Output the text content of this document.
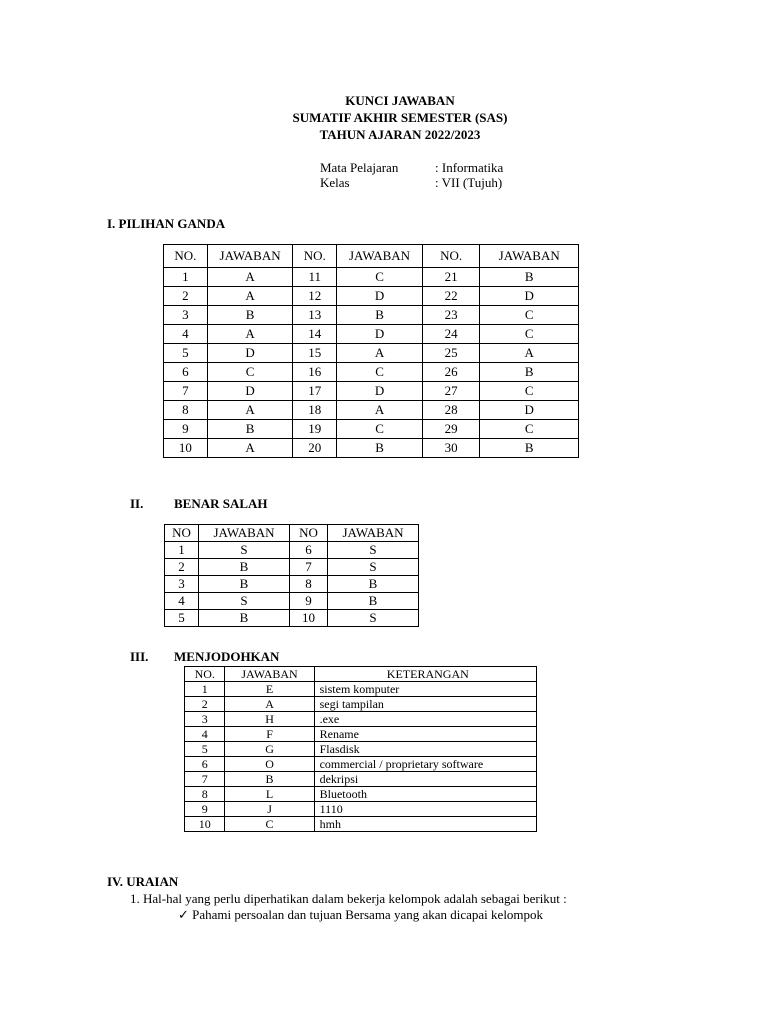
KUNCI JAWABAN
SUMATIF AKHIR SEMESTER (SAS)
TAHUN AJARAN 2022/2023
Mata Pelajaran	: Informatika
Kelas	: VII (Tujuh)
I. PILIHAN GANDA
NO.	JAWABAN	NO.	JAWABAN	NO.	JAWABAN
1	A	11	C	21	B
2	A	12	D	22	D
3	B	13	B	23	C
4	A	14	D	24	C
5	D	15	A	25	A
6	C	16	C	26	B
7	D	17	D	27	C
8	A	18	A	28	D
9	B	19	C	29	C
10	A	20	B	30	B
II. BENAR SALAH
NO	JAWABAN	NO	JAWABAN
1	S	6	S
2	B	7	S
3	B	8	B
4	S	9	B
5	B	10	S
III. MENJODOHKAN
NO.	JAWABAN	KETERANGAN
1	E	sistem komputer
2	A	segi tampilan
3	H	.exe
4	F	Rename
5	G	Flasdisk
6	O	commercial / proprietary software
7	B	dekripsi
8	L	Bluetooth
9	J	1110
10	C	hmh
IV. URAIAN
1. Hal-hal yang perlu diperhatikan dalam bekerja kelompok adalah sebagai berikut :
✓ Pahami persoalan dan tujuan Bersama yang akan dicapai kelompok
